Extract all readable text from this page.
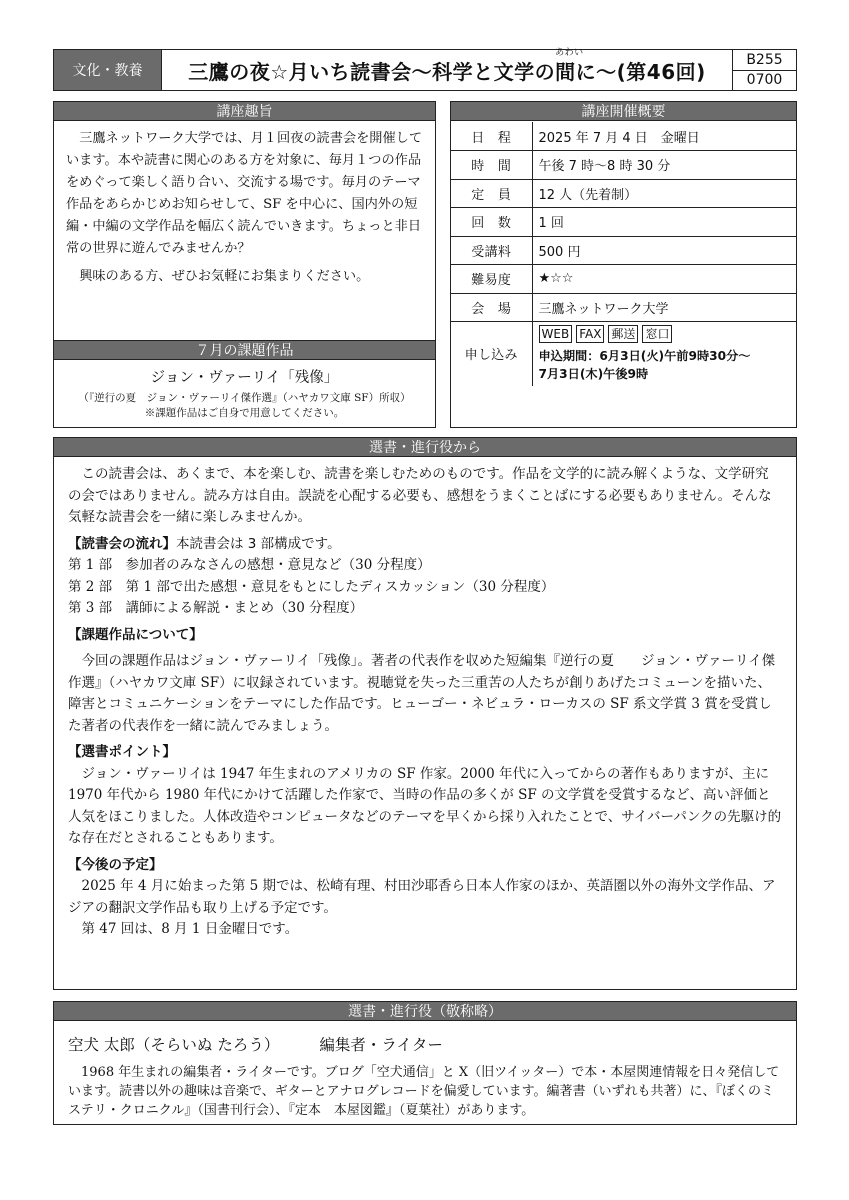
文化・教養	三鷹の夜☆月いち読書会～科学と文学の
あわい
間 に～(第46回)	B255
0700
講座趣旨

三鷹ネットワーク大学では、月１回夜の読書会を開催しています。本や読書に関心のある方を対象に、毎月１つの作品をめぐって楽しく語り合い、交流する場です。毎月のテーマ作品をあらかじめお知らせして、SF を中心に、国内外の短編・中編の文学作品を幅広く読んでいきます。ちょっと非日常の世界に遊んでみませんか？

興味のある方、ぜひお気軽にお集まりください。

７月の課題作品
ジョン・ヴァーリイ「残像」
（『逆行の夏　ジョン・ヴァーリイ傑作選』（ハヤカワ文庫 SF）所収）
※課題作品はご自身で用意してください。
講座開催概要
日　程	2025 年 7 月 4 日　金曜日
時　間	午後 7 時～8 時 30 分
定　員	12 人（先着制）
回　数	1 回
受講料	500 円
難易度	★☆☆
会　場	三鷹ネットワーク大学
申し込み	WEB FAX 郵送 窓口
申込期間：6月3日(火)午前9時30分～
7月3日(木)午後9時
選書・進行役から

この読書会は、あくまで、本を楽しむ、読書を楽しむためのものです。作品を文学的に読み解くような、文学研究の会ではありません。読み方は自由。誤読を心配する必要も、感想をうまくことばにする必要もありません。そんな気軽な読書会を一緒に楽しみませんか。

【読書会の流れ】本読書会は 3 部構成です。

第 1 部　参加者のみなさんの感想・意見など（30 分程度）

第 2 部　第 1 部で出た感想・意見をもとにしたディスカッション（30 分程度）

第 3 部　講師による解説・まとめ（30 分程度）

【課題作品について】

今回の課題作品はジョン・ヴァーリイ「残像」。著者の代表作を収めた短編集『逆行の夏　　ジョン・ヴァーリイ傑作選』（ハヤカワ文庫 SF）に収録されています。視聴覚を失った三重苦の人たちが創りあげたコミューンを描いた、障害とコミュニケーションをテーマにした作品です。ヒューゴー・ネビュラ・ローカスの SF 系文学賞 3 賞を受賞した著者の代表作を一緒に読んでみましょう。

【選書ポイント】

ジョン・ヴァーリイは 1947 年生まれのアメリカの SF 作家。2000 年代に入ってからの著作もありますが、主に 1970 年代から 1980 年代にかけて活躍した作家で、当時の作品の多くが SF の文学賞を受賞するなど、高い評価と人気をほこりました。人体改造やコンピュータなどのテーマを早くから採り入れたことで、サイバーパンクの先駆け的な存在だとされることもあります。

【今後の予定】

2025 年 4 月に始まった第 5 期では、松崎有理、村田沙耶香ら日本人作家のほか、英語圏以外の海外文学作品、アジアの翻訳文学作品も取り上げる予定です。

第 47 回は、8 月 1 日金曜日です。

選書・進行役（敬称略）
空犬 太郎（そらいぬ たろう）	編集者・ライター

1968 年生まれの編集者・ライターです。ブログ「空犬通信」と X（旧ツイッター）で本・本屋関連情報を日々発信しています。読書以外の趣味は音楽で、ギターとアナログレコードを偏愛しています。編著書（いずれも共著）に、『ぼくのミステリ・クロニクル』（国書刊行会）、『定本　本屋図鑑』（夏葉社）があります。
